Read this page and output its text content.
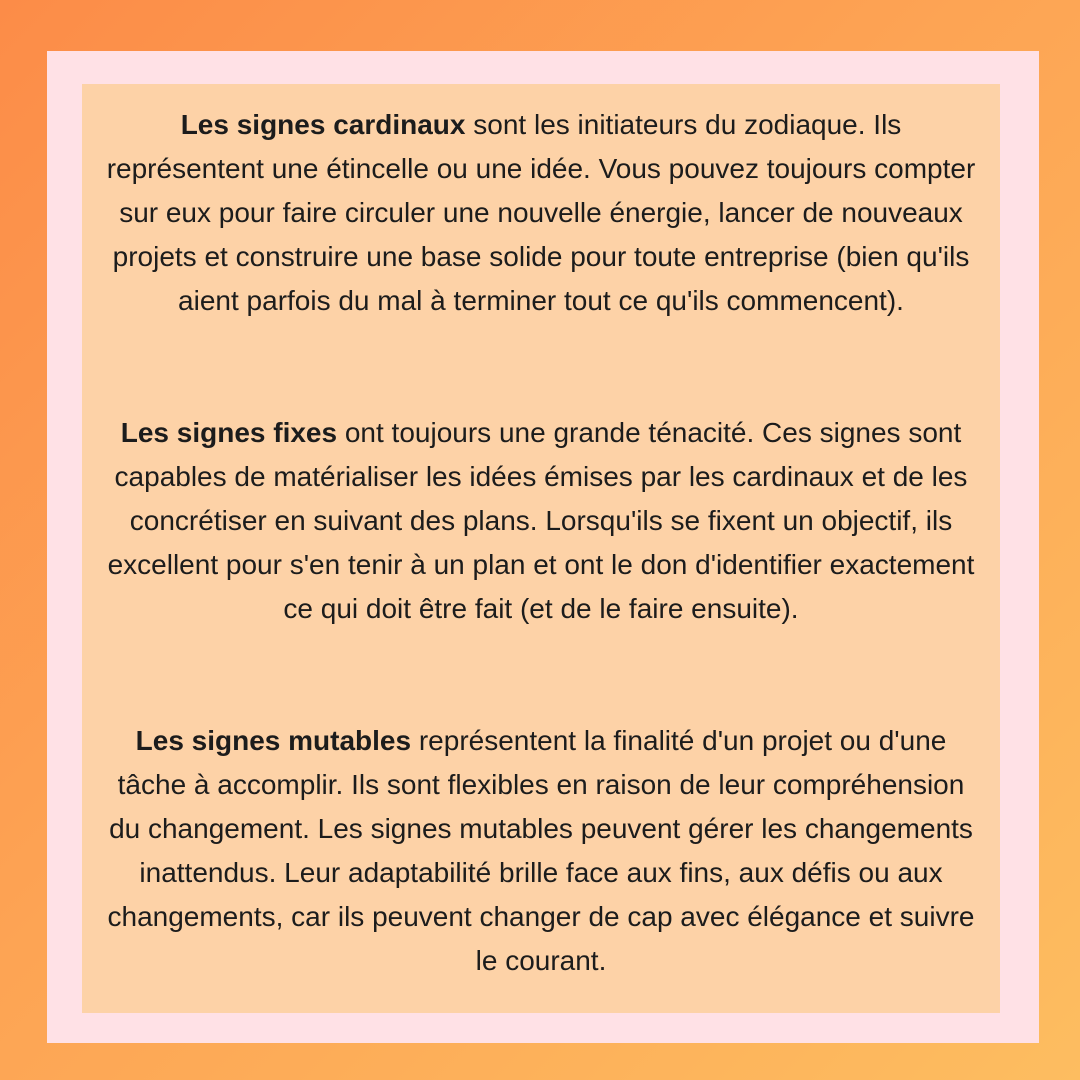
Les signes cardinaux sont les initiateurs du zodiaque. Ils représentent une étincelle ou une idée. Vous pouvez toujours compter sur eux pour faire circuler une nouvelle énergie, lancer de nouveaux projets et construire une base solide pour toute entreprise (bien qu'ils aient parfois du mal à terminer tout ce qu'ils commencent).

Les signes fixes ont toujours une grande ténacité. Ces signes sont capables de matérialiser les idées émises par les cardinaux et de les concrétiser en suivant des plans. Lorsqu'ils se fixent un objectif, ils excellent pour s'en tenir à un plan et ont le don d'identifier exactement ce qui doit être fait (et de le faire ensuite).

Les signes mutables représentent la finalité d'un projet ou d'une tâche à accomplir. Ils sont flexibles en raison de leur compréhension du changement. Les signes mutables peuvent gérer les changements inattendus. Leur adaptabilité brille face aux fins, aux défis ou aux changements, car ils peuvent changer de cap avec élégance et suivre le courant.
